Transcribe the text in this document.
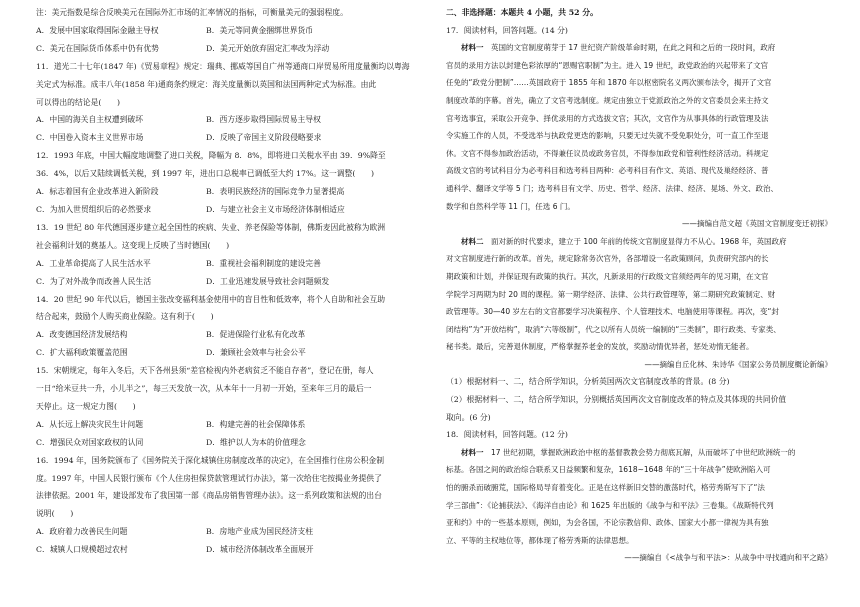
注：美元指数是综合反映美元在国际外汇市场的汇率情况的指标，可衡量美元的强弱程度。
A．发展中国家取得国际金融主导权	B．美元等同黄金捆绑世界货币
C．美元在国际货币体系中仍有优势	D．美元开始放弃固定汇率改为浮动
11．道光二十七年(1847 年)《贸易章程》规定：瑞典、挪威等国自广州等通商口岸贸易所用度量衡均以粤海
关定式为标准。成丰八年(1858 年)通商条约规定：海关度量衡以英国和法国两种定式为标准。由此
可以得出的结论是(　　)
A．中国的海关自主权遭到破坏	B．西方逐步取得国际贸易主导权
C．中国卷入资本主义世界市场	D．反映了帝国主义阶段侵略要求
12．1993 年底，中国大幅度地调整了进口关税，降幅为 8．8%，即将进口关税水平由 39．9%降至
36．4%，以后又陆续调低关税，到 1997 年，进出口总税率已调低至大约 17%。这一调整(　　)
A．标志着国有企业改革进入新阶段	B．表明民族经济的国际竞争力显著提高
C．为加入世贸组织后的必然要求	D．与建立社会主义市场经济体制相适应
13．19 世纪 80 年代德国逐步建立起全国性的疾病、失业、养老保险等体制，佛斯麦因此被称为欧洲
社会福利计划的奠基人。这变现上反映了当时德国(　　)
A．工业革命提高了人民生活水平	B．重视社会福利制度的建设完善
C．为了对外战争而改善人民生活	D．工业迅速发展导致社会问题频发
14．20 世纪 90 年代以后，德国主张改变福利基金使用中的盲目性和低效率，将个人自助和社会互助
结合起来，鼓励个人购买商业保险。这有利于(　　)
A．改变德国经济发展结构	B．促进保险行业私有化改革
C．扩大福利政策覆盖范围	D．兼顾社会效率与社会公平
15．宋朝规定，每年入冬后，天下各州县须“差官检视内外老病贫乏不能自存者”，登记在册，每人
一日“给米豆共一升，小儿半之”，每三天发放一次，从本年十一月初一开始，至来年三月的最后一
天停止。这一规定力图(　　)
A．从长远上解决灾民生计问题	B．构建完善的社会保障体系
C．增强民众对国家政权的认同	D．维护以人为本的价值理念
16．1994 年，国务院颁布了《国务院关于深化城镇住房制度改革的决定》，在全国推行住房公积金制
度。1997 年，中国人民银行颁布《个人住房担保贷款管理试行办法》，第一次给住宅按揭业务提供了
法律依据。2001 年，建设部发布了我国第一部《商品房销售管理办法》。这一系列政策和法规的出台
说明(　　)
A．政府着力改善民生问题	B．房地产业成为国民经济支柱
C．城镇人口规模超过农村	D．城市经济体制改革全面展开
二、非选择题：本题共 4 小题，共 52 分。
17．阅读材料，回答问题。(14 分)
材料一　 英国的文官制度萌芽于 17 世纪资产阶级革命时期，在此之间和之后的一段时间，政府
官员的录用方法以封建色彩浓厚的“恩赐官职制”为主。进入 19 世纪，政党政治的兴起带来了文官
任免的“政党分肥制”……英国政府于 1855 年和 1870 年以枢密院名义两次颁布法令，揭开了文官
制度改革的序幕。首先，确立了文官考选制度。规定由独立于党派政治之外的文官委员会来主持文
官考选事宜，采取公开竞争、择优录用的方式选拔文官；其次，文官作为从事具体的行政管理及法
令实施工作的人员，不受选举与执政党更迭的影响，只要无过失就不受免职处分，可一直工作至退
休。文官不得参加政治活动，不得兼任议员或政务官员，不得参加政党和管利性经济活动。科规定
高级文官的考试科目分为必考科目和选考科目两种：必考科目有作文、英语、现代及巢经经济、普
通科学、翻译文学等 5 门；选考科目有文学、历史、哲学、经济、法律、经济、晃场、外文、政治、
数学和自然科学等 11 门，任选 6 门。
——摘编自范文超《英国文官制度变迁初探》
材料二　 面对新的时代要求，建立于 100 年前的传统文官制度显得力不从心。1968 年，英国政府
对文官制度进行新的改革。首先，规定除常务次官外，各部增设一名政策顾问，负责研究部内的长
期政策和计划，并保证现有政策的执行。其次，凡新录用的行政级文官须经两年的见习期，在文官
学院学习两期为时 20 周的课程。第一期学经济、法律、公共行政管理等，第二期研究政策制定、财
政管理等。30—40 岁左右的文官都要学习决策程序、个人管理技术、电脑使用等课程。再次，变“封
闭结构”为“开放结构”，取消“六等级制”，代之以所有人员统一编制的“三类制”，即行政类、专家类、
秘书类。最后，完善退休制度，严格掌握养老金的发放，奖励动情优异者，惩处劝惰无能者。
——摘编自丘化林、朱诗华《国家公务员制度概论新编》
（1）根据材料一、二，结合所学知识，分析英国两次文官制度改革的背景。(8 分)
（2）根据材料一、二，结合所学知识，分别概括英国两次文官制度改革的特点及其体现的共同价值
取向。(6 分)
18．阅读材料，回答问题。(12 分)
材料一　 17 世纪初期，掌握欧洲政治中枢的基督教教会势力彻底瓦解，从而破坏了中世纪欧洲统一的
标基。各国之间的政治综合联系又日益频繁和复杂，1618~1648 年的“三十年战争”使欧洲陷入可
怕的腑杀而破腑荒，国际格局导育着变化。正是在这样新旧交替的激荡时代，格劳秀斯写下了“法
学三部曲”：《论捕获法》、《海洋自由论》和 1625 年出版的《战争与和平法》三卷集。《战斯特代列
亚和约》中的一些基本原则，例如，为会各国，不论宗教信仰、政体、国家大小都一律视为具有独
立、平等的主权地位等，都体现了格劳秀斯的法律思想。
——摘编自《<战争与和平法>：从战争中寻找通向和平之路》
